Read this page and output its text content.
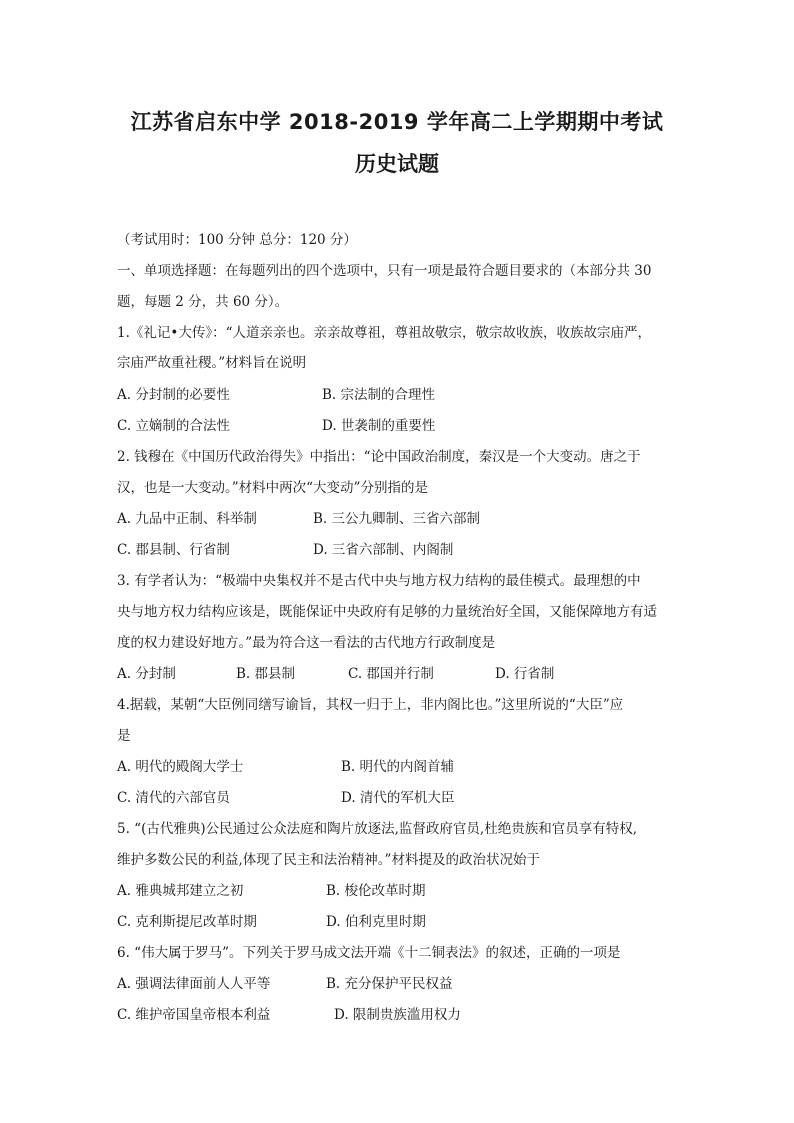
江苏省启东中学 2018-2019 学年高二上学期期中考试
历史试题
（考试用时：100 分钟 总分：120 分）
一、单项选择题：在每题列出的四个选项中，只有一项是最符合题目要求的（本部分共 30
题，每题 2 分，共 60 分）。
1.《礼记•大传》：“人道亲亲也。亲亲故尊祖，尊祖故敬宗，敬宗故收族，收族故宗庙严，
宗庙严故重社稷。”材料旨在说明
A. 分封制的必要性	B. 宗法制的合理性
C. 立嫡制的合法性	D. 世袭制的重要性
2. 钱穆在《中国历代政治得失》中指出：“论中国政治制度，秦汉是一个大变动。唐之于
汉，也是一大变动。”材料中两次“大变动”分别指的是
A. 九品中正制、科举制	B. 三公九卿制、三省六部制
C. 郡县制、行省制	D. 三省六部制、内阁制
3. 有学者认为：“极端中央集权并不是古代中央与地方权力结构的最佳模式。最理想的中
央与地方权力结构应该是，既能保证中央政府有足够的力量统治好全国，又能保障地方有适
度的权力建设好地方。”最为符合这一看法的古代地方行政制度是
A. 分封制	B. 郡县制	C. 郡国并行制	D. 行省制
4.据载，某朝“大臣例同缮写谕旨，其权一归于上，非内阁比也。”这里所说的“大臣”应
是
A. 明代的殿阁大学士	B. 明代的内阁首辅
C. 清代的六部官员	D. 清代的军机大臣
5. “(古代雅典)公民通过公众法庭和陶片放逐法,监督政府官员,杜绝贵族和官员享有特权,
维护多数公民的利益,体现了民主和法治精神。”材料提及的政治状况始于
A. 雅典城邦建立之初	B. 梭伦改革时期
C. 克利斯提尼改革时期	D. 伯利克里时期
6. “伟大属于罗马”。下列关于罗马成文法开端《十二铜表法》的叙述，正确的一项是
A. 强调法律面前人人平等	B. 充分保护平民权益
C. 维护帝国皇帝根本利益	D. 限制贵族滥用权力
